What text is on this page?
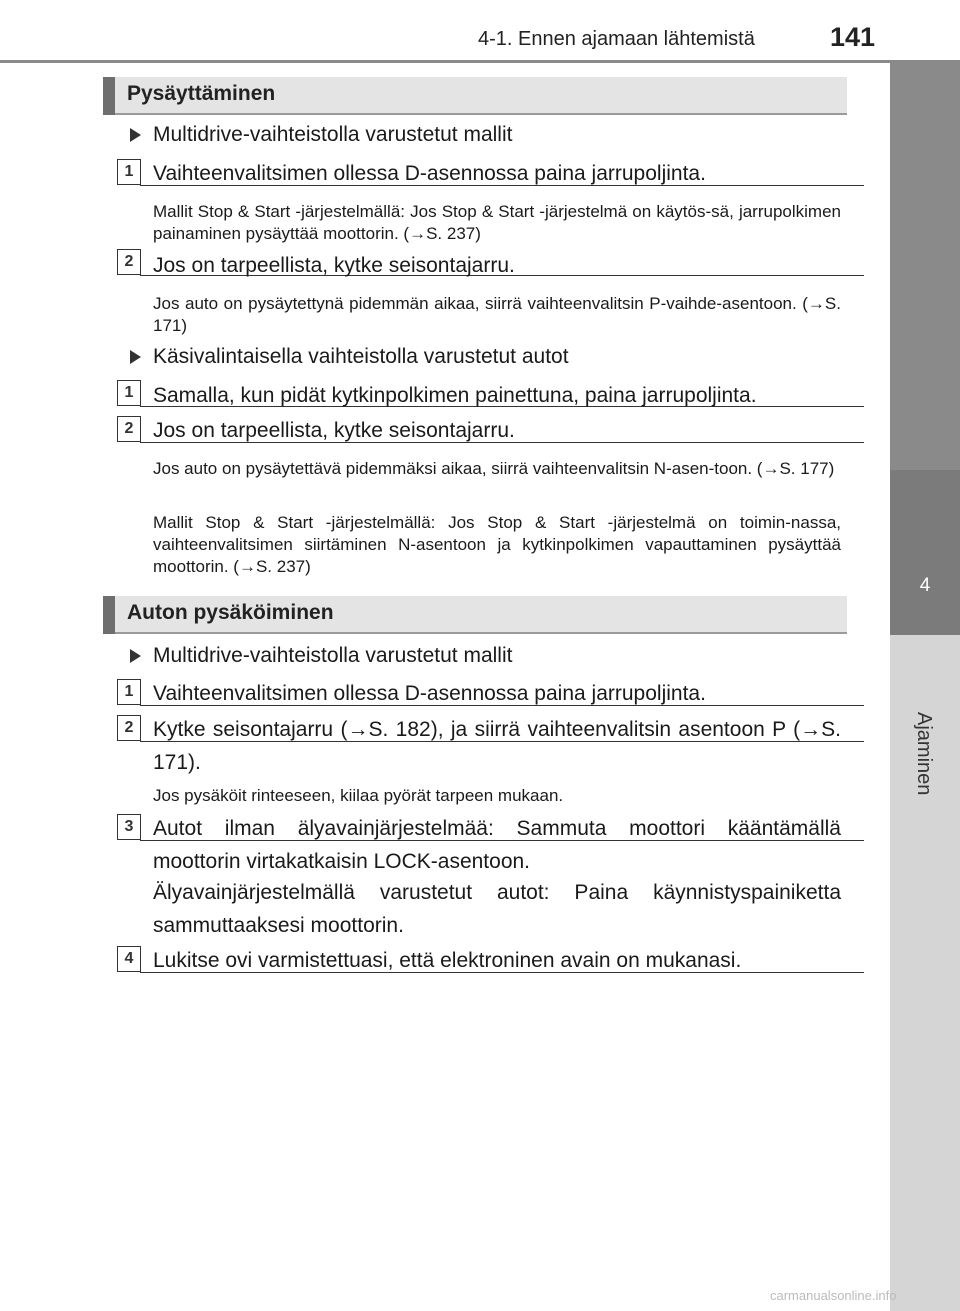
4-1. Ennen ajamaan lähtemistä	141
4
Ajaminen
Pysäyttäminen
Multidrive-vaihteistolla varustetut mallit
1 Vaihteenvalitsimen ollessa D-asennossa paina jarrupoljinta.
Mallit Stop & Start -järjestelmällä: Jos Stop & Start -järjestelmä on käytös-sä, jarrupolkimen painaminen pysäyttää moottorin. (→S. 237)
2 Jos on tarpeellista, kytke seisontajarru.
Jos auto on pysäytettynä pidemmän aikaa, siirrä vaihteenvalitsin P-vaihde-asentoon. (→S. 171)
Käsivalintaisella vaihteistolla varustetut autot
1 Samalla, kun pidät kytkinpolkimen painettuna, paina jarrupoljinta.
2 Jos on tarpeellista, kytke seisontajarru.
Jos auto on pysäytettävä pidemmäksi aikaa, siirrä vaihteenvalitsin N-asen-toon. (→S. 177)
Mallit Stop & Start -järjestelmällä: Jos Stop & Start -järjestelmä on toimin-nassa, vaihteenvalitsimen siirtäminen N-asentoon ja kytkinpolkimen vapauttaminen pysäyttää moottorin. (→S. 237)
Auton pysäköiminen
Multidrive-vaihteistolla varustetut mallit
1 Vaihteenvalitsimen ollessa D-asennossa paina jarrupoljinta.
2 Kytke seisontajarru (→S. 182), ja siirrä vaihteenvalitsin asentoon P (→S. 171).
Jos pysäköit rinteeseen, kiilaa pyörät tarpeen mukaan.
3 Autot ilman älyavainjärjestelmää: Sammuta moottori kääntämällä moottorin virtakatkaisin LOCK-asentoon.
Älyavainjärjestelmällä varustetut autot: Paina käynnistyspainiketta sammuttaaksesi moottorin.
4 Lukitse ovi varmistettuasi, että elektroninen avain on mukanasi.
carmanualsonline.info
